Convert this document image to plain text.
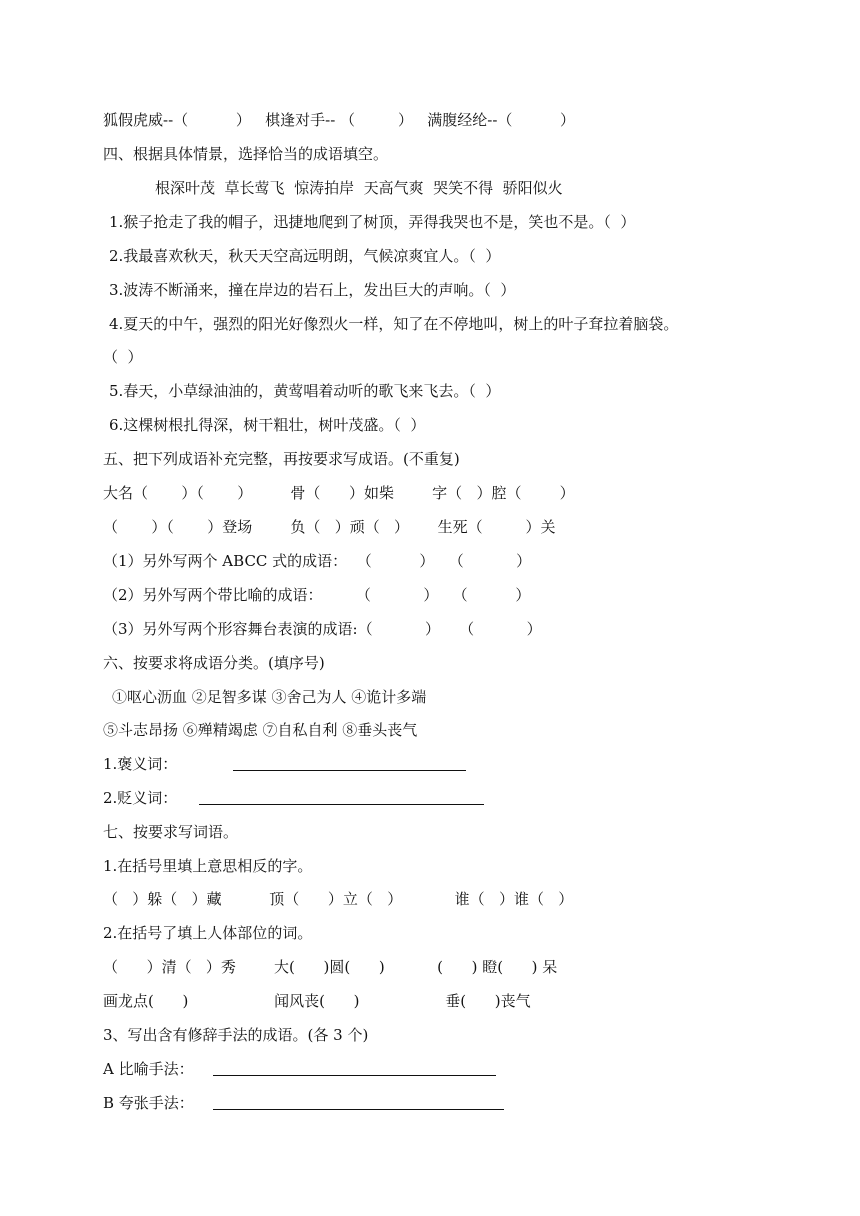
狐假虎威--（          ）   棋逢对手-- （         ）   满腹经纶--（          ）
四、根据具体情景，选择恰当的成语填空。
根深叶茂  草长莺飞  惊涛拍岸  天高气爽  哭笑不得  骄阳似火
1.猴子抢走了我的帽子，迅捷地爬到了树顶，弄得我哭也不是，笑也不是。（  ）
2.我最喜欢秋天，秋天天空高远明朗，气候凉爽宜人。（  ）
3.波涛不断涌来，撞在岸边的岩石上，发出巨大的声响。（  ）
4.夏天的中午，强烈的阳光好像烈火一样，知了在不停地叫，树上的叶子耷拉着脑袋。
（  ）
5.春天，小草绿油油的，黄莺唱着动听的歌飞来飞去。（  ）
6.这棵树根扎得深，树干粗壮，树叶茂盛。（  ）
五、把下列成语补充完整，再按要求写成语。(不重复)
大名（       ）（       ）        骨（      ）如柴        字（   ）腔（        ）
（       ）（       ）登场        负（   ）顽（   ）      生死（         ）关
（1）另外写两个 ABCC 式的成语：  （          ）   （           ）
（2）另外写两个带比喻的成语：       （           ）   （          ）
（3）另外写两个形容舞台表演的成语:（           ）    （           ）
六、按要求将成语分类。(填序号)
①呕心沥血 ②足智多谋 ③舍己为人 ④诡计多端
⑤斗志昂扬 ⑥殚精竭虑 ⑦自私自利 ⑧垂头丧气
1.褒义词：
2.贬义词：
七、按要求写词语。
1.在括号里填上意思相反的字。
（   ）躲（   ）藏          顶（      ）立（   ）           谁（   ）谁（   ）
2.在括号了填上人体部位的词。
（      ）清（   ）秀        大(      )圆(      )           (      ) 瞪(      ) 呆
画龙点(      )                  闻风丧(      )                  垂(      )丧气
3、写出含有修辞手法的成语。(各 3 个)
A 比喻手法：
B 夸张手法：
